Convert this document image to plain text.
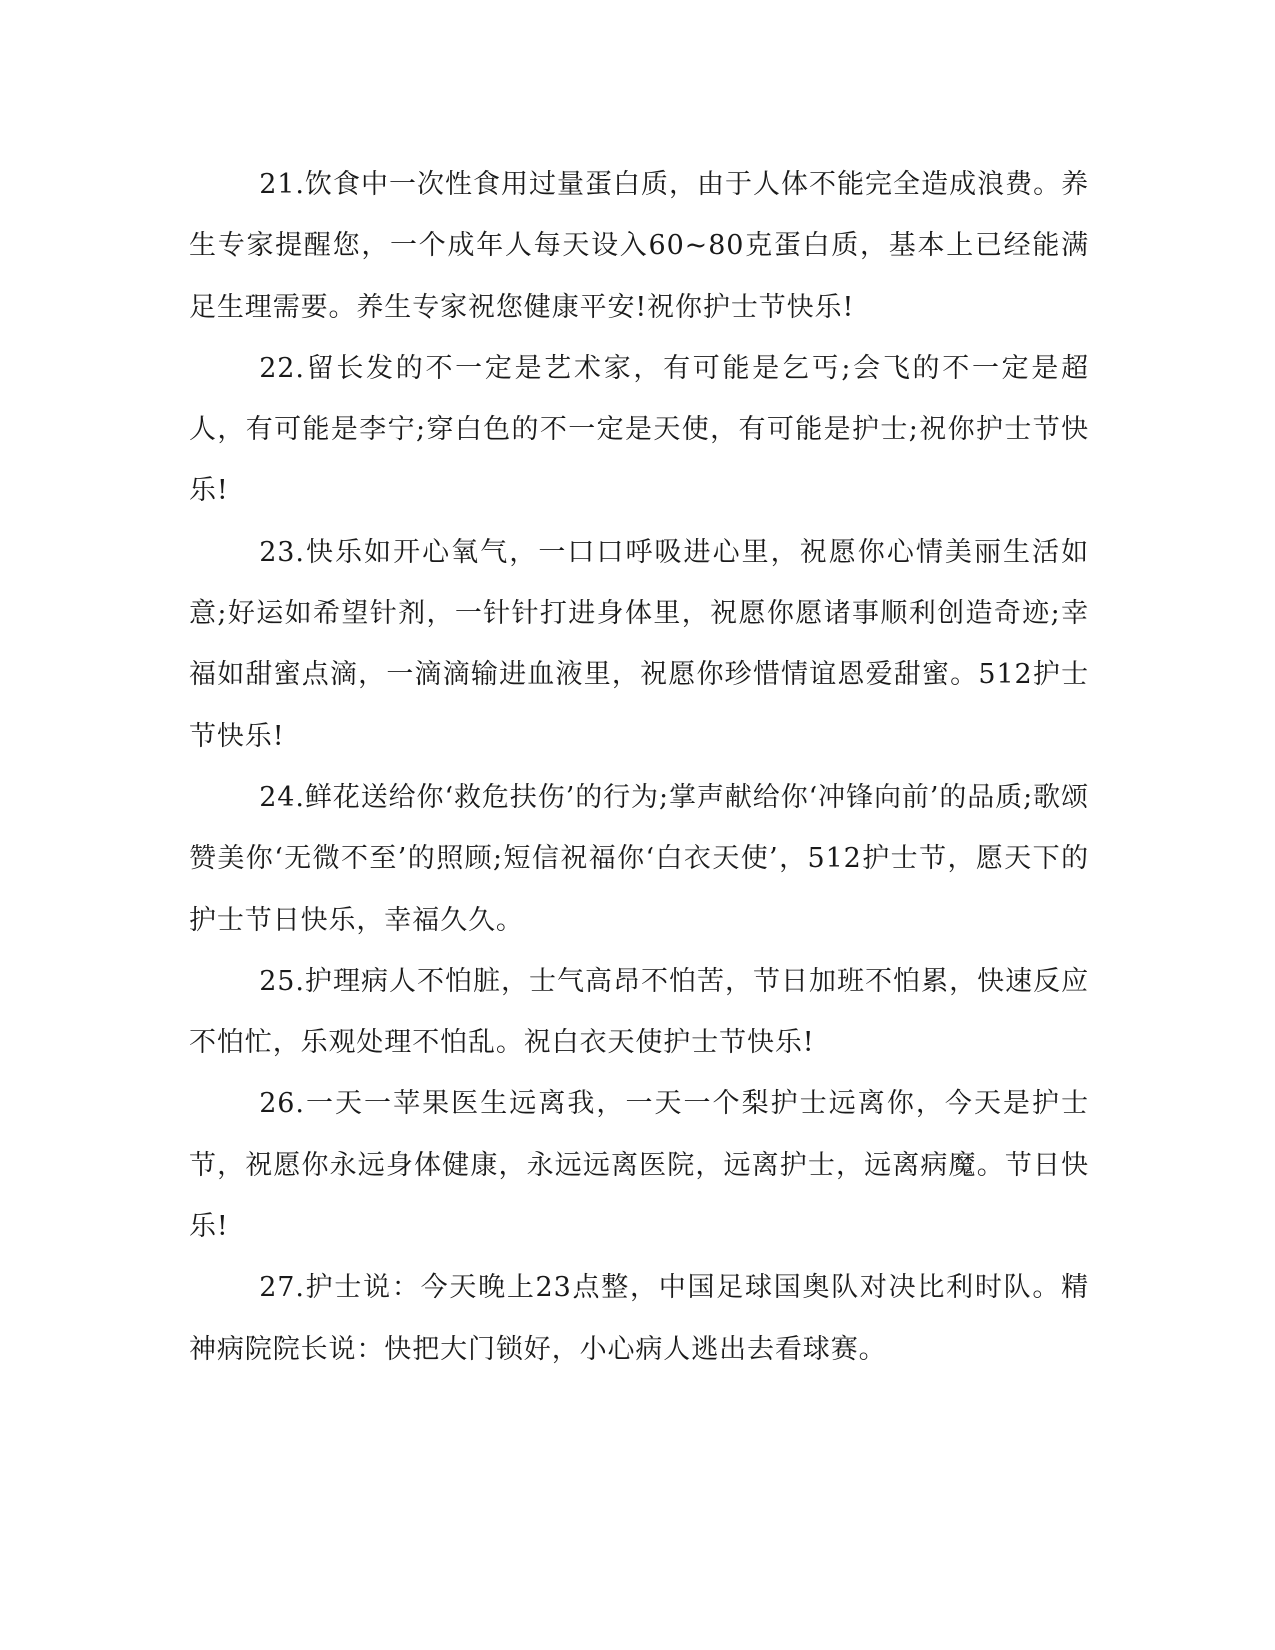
21.饮食中一次性食用过量蛋白质，由于人体不能完全造成浪费。养生专家提醒您，一个成年人每天设入60~80克蛋白质，基本上已经能满足生理需要。养生专家祝您健康平安!祝你护士节快乐!

22.留长发的不一定是艺术家，有可能是乞丐;会飞的不一定是超人，有可能是李宁;穿白色的不一定是天使，有可能是护士;祝你护士节快乐!

23.快乐如开心氧气，一口口呼吸进心里，祝愿你心情美丽生活如意;好运如希望针剂，一针针打进身体里，祝愿你愿诸事顺利创造奇迹;幸福如甜蜜点滴，一滴滴输进血液里，祝愿你珍惜情谊恩爱甜蜜。512护士节快乐!

24.鲜花送给你‘救危扶伤’的行为;掌声献给你‘冲锋向前’的品质;歌颂赞美你‘无微不至’的照顾;短信祝福你‘白衣天使’，512护士节，愿天下的护士节日快乐，幸福久久。

25.护理病人不怕脏，士气高昂不怕苦，节日加班不怕累，快速反应不怕忙，乐观处理不怕乱。祝白衣天使护士节快乐!

26.一天一苹果医生远离我，一天一个梨护士远离你，今天是护士节，祝愿你永远身体健康，永远远离医院，远离护士，远离病魔。节日快乐!

27.护士说：今天晚上23点整，中国足球国奥队对决比利时队。精神病院院长说：快把大门锁好，小心病人逃出去看球赛。
